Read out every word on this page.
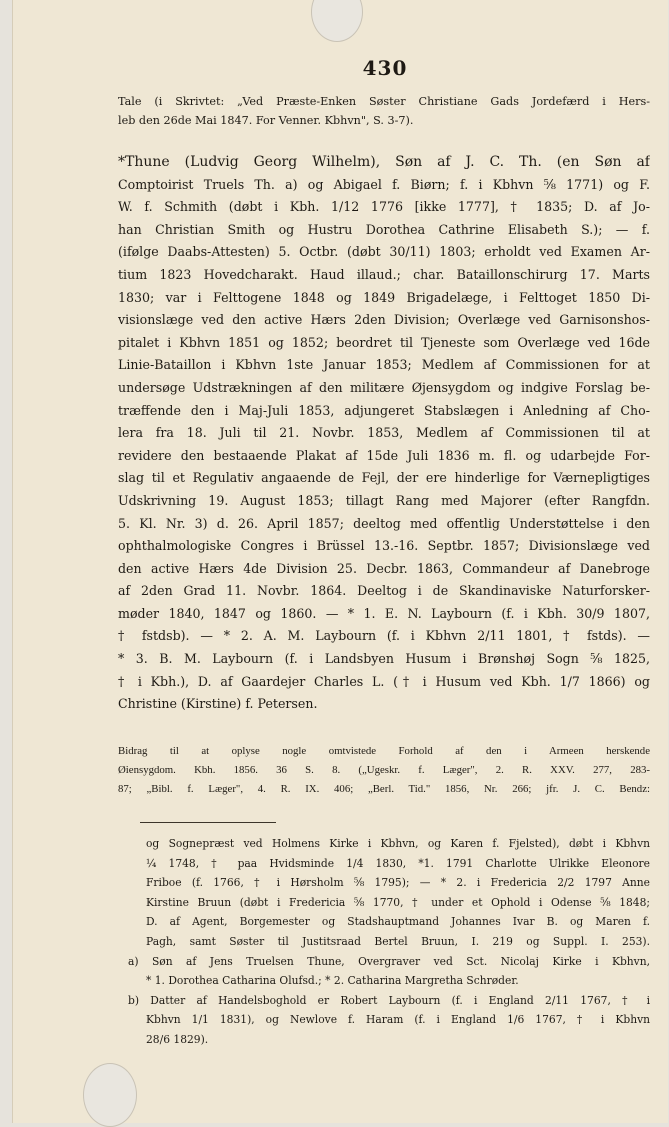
430
Tale (i Skrivtet: „Ved Præste-Enken Søster Christiane Gads Jordefærd i Hers-
leb den 26de Mai 1847. For Venner. Kbhvn", S. 3-7).
*Thune (Ludvig Georg Wilhelm), Søn af J. C. Th. (en Søn af
Comptoirist Truels Th. a) og Abigael f. Biørn; f. i Kbhvn ⅝ 1771) og F.
W. f. Schmith (døbt i Kbh. 1/12 1776 [ikke 1777], † 1835; D. af Jo-
han Christian Smith og Hustru Dorothea Cathrine Elisabeth S.); — f.
(ifølge Daabs-Attesten) 5. Octbr. (døbt 30/11) 1803; erholdt ved Examen Ar-
tium 1823 Hovedcharakt. Haud illaud.; char. Bataillonschirurg 17. Marts
1830; var i Felttogene 1848 og 1849 Brigadelæge, i Felttoget 1850 Di-
visionslæge ved den active Hærs 2den Division; Overlæge ved Garnisonshos-
pitalet i Kbhvn 1851 og 1852; beordret til Tjeneste som Overlæge ved 16de
Linie-Bataillon i Kbhvn 1ste Januar 1853; Medlem af Commissionen for at
undersøge Udstrækningen af den militære Øjensygdom og indgive Forslag be-
træffende den i Maj-Juli 1853, adjungeret Stabslægen i Anledning af Cho-
lera fra 18. Juli til 21. Novbr. 1853, Medlem af Commissionen til at
revidere den bestaaende Plakat af 15de Juli 1836 m. fl. og udarbejde For-
slag til et Regulativ angaaende de Fejl, der ere hinderlige for Værnepligtiges
Udskrivning 19. August 1853; tillagt Rang med Majorer (efter Rangfdn.
5. Kl. Nr. 3) d. 26. April 1857; deeltog med offentlig Understøttelse i den
ophthalmologiske Congres i Brüssel 13.-16. Septbr. 1857; Divisionslæge ved
den active Hærs 4de Division 25. Decbr. 1863, Commandeur af Danebroge
af 2den Grad 11. Novbr. 1864. Deeltog i de Skandinaviske Naturforsker-
møder 1840, 1847 og 1860. — * 1. E. N. Laybourn (f. i Kbh. 30/9 1807,
† fstdsb). — * 2. A. M. Laybourn (f. i Kbhvn 2/11 1801, † fstds). —
* 3. B. M. Laybourn (f. i Landsbyen Husum i Brønshøj Sogn ⅝ 1825,
† i Kbh.), D. af Gaardejer Charles L. († i Husum ved Kbh. 1/7 1866) og
Christine (Kirstine) f. Petersen.
Bidrag til at oplyse nogle omtvistede Forhold af den i Armeen herskende
Øiensygdom. Kbh. 1856. 36 S. 8. („Ugeskr. f. Læger", 2. R. XXV. 277, 283-
87; „Bibl. f. Læger", 4. R. IX. 406; „Berl. Tid." 1856, Nr. 266; jfr. J. C. Bendz:
og Sognepræst ved Holmens Kirke i Kbhvn, og Karen f. Fjelsted), døbt i Kbhvn
¼ 1748, † paa Hvidsminde 1/4 1830, *1. 1791 Charlotte Ulrikke Eleonore
Friboe (f. 1766, † i Hørsholm ⅝ 1795); — * 2. i Fredericia 2/2 1797 Anne
Kirstine Bruun (døbt i Fredericia ⅝ 1770, † under et Ophold i Odense ⅝ 1848;
D. af Agent, Borgemester og Stadshauptmand Johannes Ivar B. og Maren f.
Pagh, samt Søster til Justitsraad Bertel Bruun, I. 219 og Suppl. I. 253).
a) Søn af Jens Truelsen Thune, Overgraver ved Sct. Nicolaj Kirke i Kbhvn,
* 1. Dorothea Catharina Olufsd.; * 2. Catharina Margretha Schrøder.
b) Datter af Handelsboghold er Robert Laybourn (f. i England 2/11 1767, † i
Kbhvn 1/1 1831), og Newlove f. Haram (f. i England 1/6 1767, † i Kbhvn
28/6 1829).
